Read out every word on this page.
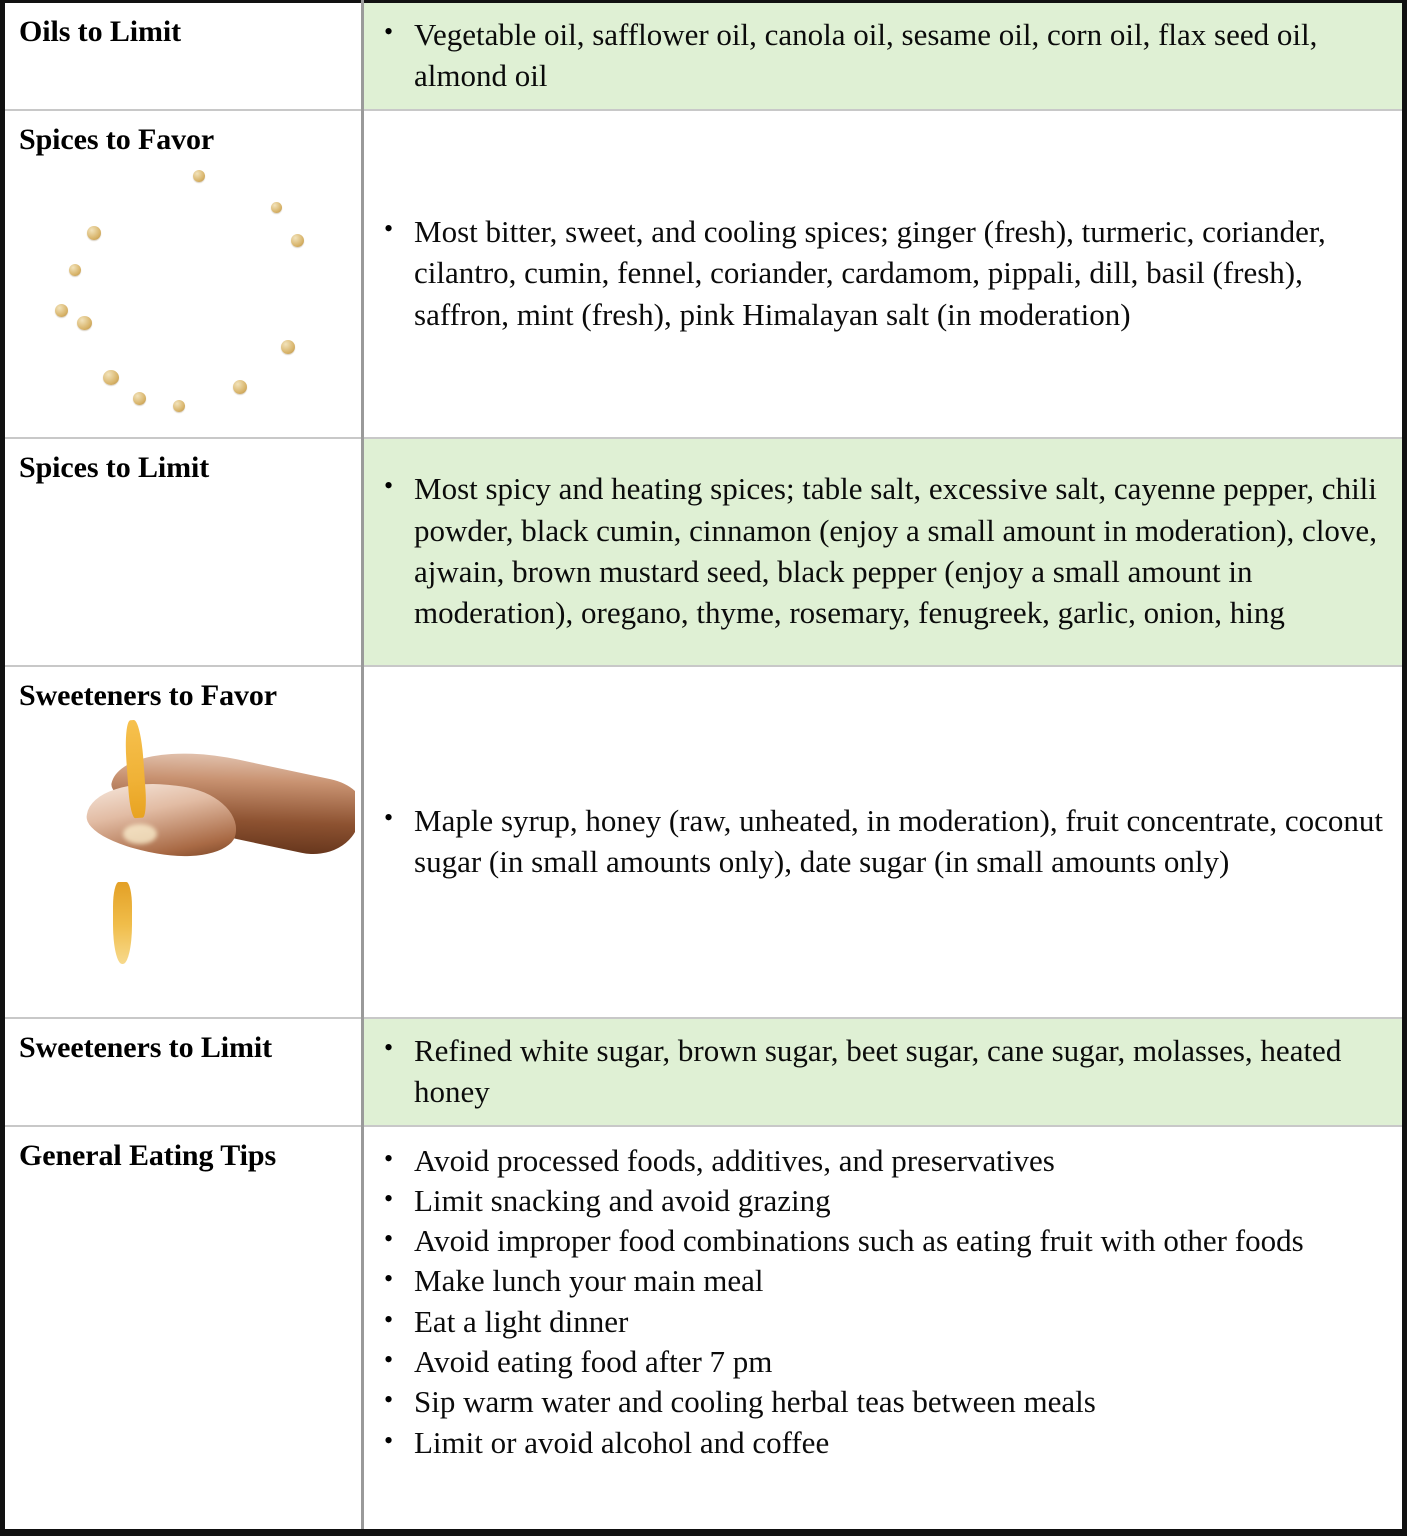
Oils to Limit

•Vegetable oil, safflower oil, canola oil, sesame oil, corn oil, flax seed oil, almond oil

Spices to Favor

• Most bitter, sweet, and cooling spices; ginger (fresh), turmeric, coriander, cilantro, cumin, fennel, coriander, cardamom, pippali, dill, basil (fresh), saffron, mint (fresh), pink Himalayan salt (in moderation)

Spices to Limit

• Most spicy and heating spices; table salt, excessive salt, cayenne pepper, chili powder, black cumin, cinnamon (enjoy a small amount in moderation), clove, ajwain, brown mustard seed, black pepper (enjoy a small amount in moderation), oregano, thyme, rosemary, fenugreek, garlic, onion, hing

Sweeteners to Favor

• Maple syrup, honey (raw, unheated, in moderation), fruit concentrate, coconut sugar (in small amounts only), date sugar (in small amounts only)

Sweeteners to Limit

•Refined white sugar, brown sugar, beet sugar, cane sugar, molasses, heated honey

General Eating Tips

•Avoid processed foods, additives, and preservatives
• Limit snacking and avoid grazing
• Avoid improper food combinations such as eating fruit with other foods
• Make lunch your main meal
• Eat a light dinner
• Avoid eating food after 7 pm
• Sip warm water and cooling herbal teas between meals
• Limit or avoid alcohol and coffee
